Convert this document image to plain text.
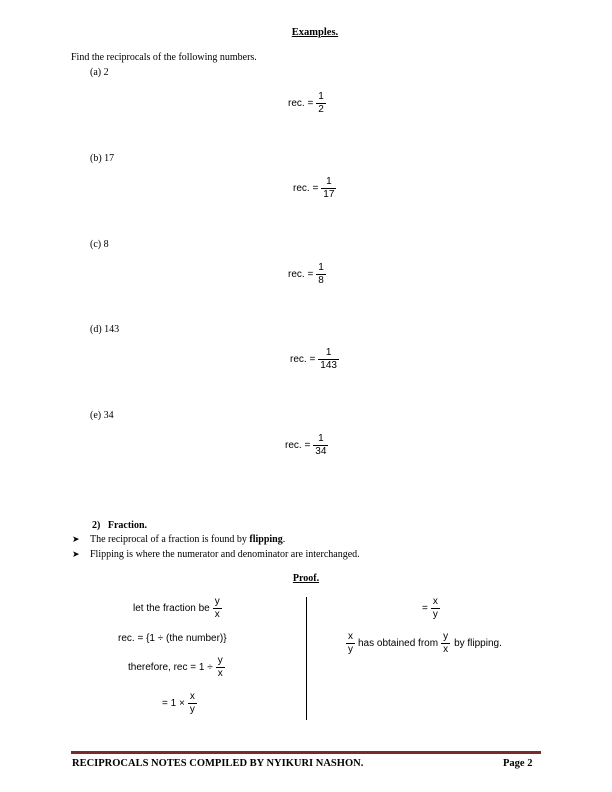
Examples.
Find the reciprocals of the following numbers.
(a) 2
rec. = $\frac{1}{2}$
(b) 17
rec. = $\frac{1}{17}$
(c) 8
rec. = $\frac{1}{8}$
(d) 143
rec. = $\frac{1}{143}$
(e) 34
rec. = $\frac{1}{34}$
2) Fraction.
➤	The reciprocal of a fraction is found by flipping.
➤	Flipping is where the numerator and denominator are interchanged.
Proof.
let the fraction be $\frac{y}{x}$
rec. = {1 ÷ (the number)}
therefore, rec = $1 \div \frac{y}{x}$
= $1 \times \frac{x}{y}$
= $\frac{x}{y}$
$\frac{x}{y}$ has obtained from $\frac{y}{x}$ by flipping.
RECIPROCALS NOTES COMPILED BY NYIKURI NASHON.	Page 2
